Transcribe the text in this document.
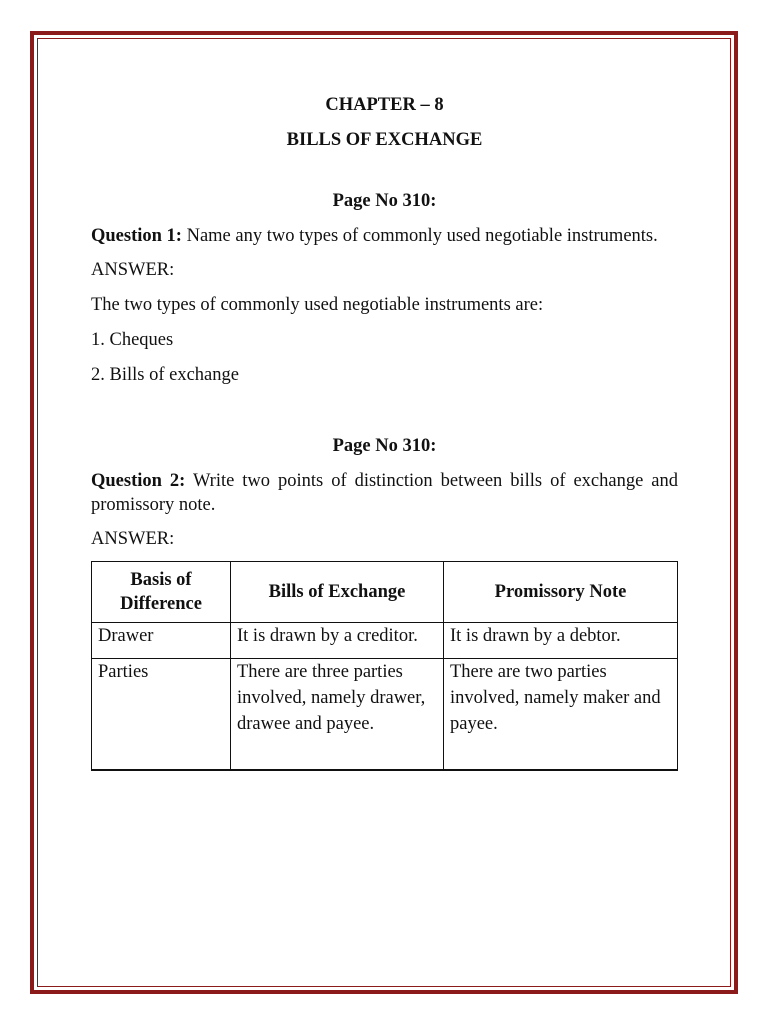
CHAPTER – 8
BILLS OF EXCHANGE
Page No 310:

Question 1: Name any two types of commonly used negotiable instruments.

ANSWER:

The two types of commonly used negotiable instruments are:

1. Cheques

2. Bills of exchange

Page No 310:

Question 2: Write two points of distinction between bills of exchange and promissory note.

ANSWER:

Basis of Difference	Bills of Exchange	Promissory Note
Drawer	It is drawn by a creditor.	It is drawn by a debtor.
Parties	There are three parties involved, namely drawer, drawee and payee.	There are two parties involved, namely maker and payee.
